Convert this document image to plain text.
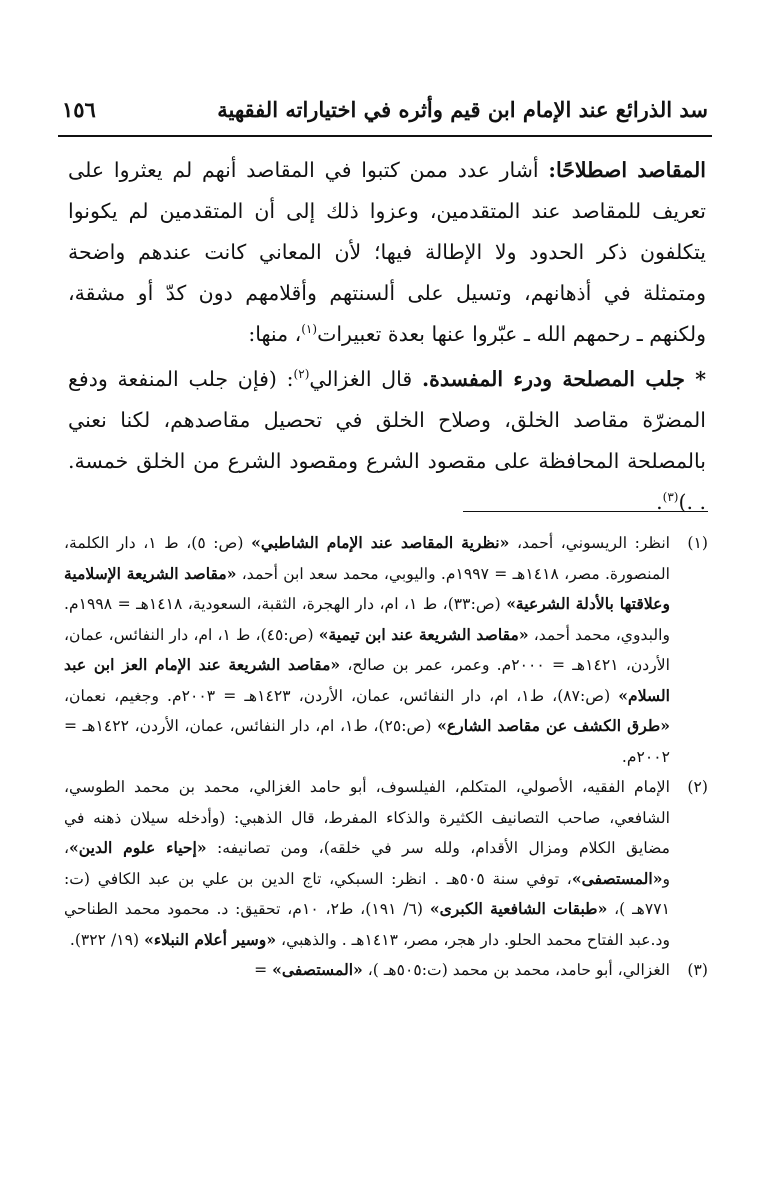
سد الذرائع عند الإمام ابن قيم وأثره في اختياراته الفقهية
١٥٦

المقاصد اصطلاحًا: أشار عدد ممن كتبوا في المقاصد أنهم لم يعثروا على تعريف للمقاصد عند المتقدمين، وعزوا ذلك إلى أن المتقدمين لم يكونوا يتكلفون ذكر الحدود ولا الإطالة فيها؛ لأن المعاني كانت عندهم واضحة ومتمثلة في أذهانهم، وتسيل على ألسنتهم وأقلامهم دون كدّ أو مشقة، ولكنهم ـ رحمهم الله ـ عبّروا عنها بعدة تعبيرات$^{(١)}$، منها:

* جلب المصلحة ودرء المفسدة. قال الغزالي$^{(٢)}$: (فإن جلب المنفعة ودفع المضرّة مقاصد الخلق، وصلاح الخلق في تحصيل مقاصدهم، لكنا نعني بالمصلحة المحافظة على مقصود الشرع ومقصود الشرع من الخلق خمسة. . .)$^{(٣)}$.

(١)
انظر: الريسوني، أحمد، «نظرية المقاصد عند الإمام الشاطبي» (ص: ٥)، ط ١، دار الكلمة، المنصورة. مصر، ١٤١٨هـ = ١٩٩٧م. واليوبي، محمد سعد ابن أحمد، «مقاصد الشريعة الإسلامية وعلاقتها بالأدلة الشرعية» (ص:٣٣)، ط ١، ام، دار الهجرة، الثقبة، السعودية، ١٤١٨هـ = ١٩٩٨م. والبدوي، محمد أحمد، «مقاصد الشريعة عند ابن تيمية» (ص:٤٥)، ط ١، ام، دار النفائس، عمان، الأردن، ١٤٢١هـ = ٢٠٠٠م. وعمر، عمر بن صالح، «مقاصد الشريعة عند الإمام العز ابن عبد السلام» (ص:٨٧)، ط١، ام، دار النفائس، عمان، الأردن، ١٤٢٣هـ = ٢٠٠٣م. وجغيم، نعمان، «طرق الكشف عن مقاصد الشارع» (ص:٢٥)، ط١، ام، دار النفائس، عمان، الأردن، ١٤٢٢هـ = ٢٠٠٢م.
(٢)
الإمام الفقيه، الأصولي، المتكلم، الفيلسوف، أبو حامد الغزالي، محمد بن محمد الطوسي، الشافعي، صاحب التصانيف الكثيرة والذكاء المفرط، قال الذهبي: (وأدخله سيلان ذهنه في مضايق الكلام ومزال الأقدام، ولله سر في خلقه)، ومن تصانيفه: «إحياء علوم الدين»، و«المستصفى»، توفي سنة ٥٠٥هـ . انظر: السبكي، تاج الدين بن علي بن عبد الكافي (ت: ٧٧١هـ )، «طبقات الشافعية الكبرى» (٦/ ١٩١)، ط٢، ١٠م، تحقيق: د. محمود محمد الطناحي ود.عبد الفتاح محمد الحلو. دار هجر، مصر، ١٤١٣هـ . والذهبي، «وسير أعلام النبلاء» (١٩/ ٣٢٢).
(٣)
الغزالي، أبو حامد، محمد بن محمد (ت:٥٠٥هـ )، «المستصفى» =
